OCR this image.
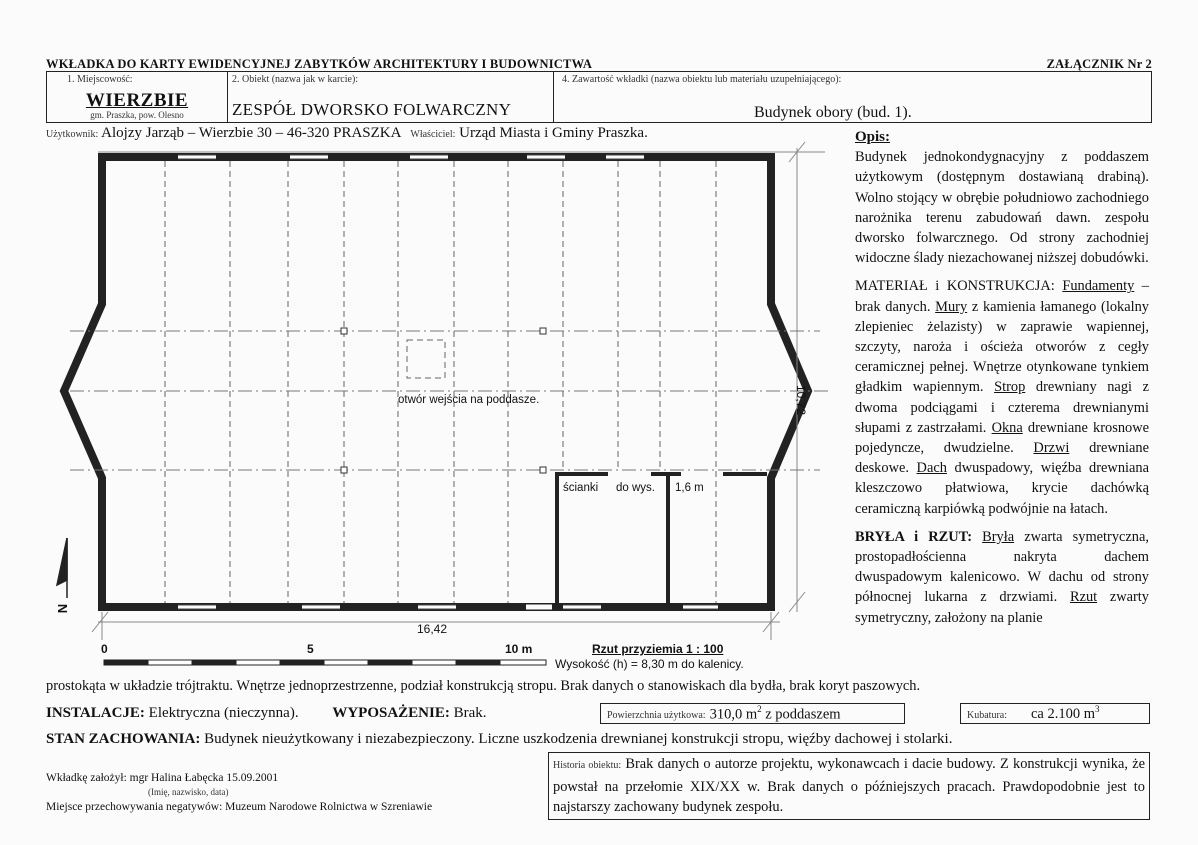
WKŁADKA DO KARTY EWIDENCYJNEJ ZABYTKÓW ARCHITEKTURY I BUDOWNICTWA	ZAŁĄCZNIK Nr 2
1. Miejscowość:
WIERZBIE
gm. Praszka, pow. Olesno
2. Obiekt (nazwa jak w karcie):
ZESPÓŁ DWORSKO FOLWARCZNY
4. Zawartość wkładki (nazwa obiektu lub materiału uzupełniającego):
Budynek obory (bud. 1).
Użytkownik: Alojzy Jarząb – Wierzbie 30 – 46-320 PRASZKA Właściciel: Urząd Miasta i Gminy Praszka.
otwór wejścia na poddasze.
ścianki do wys. 1,6 m
16,42
10,72
N
0	5	10 m	Rzut przyziemia 1 : 100
Wysokość (h) = 8,30 m do kalenicy.

Opis:

Budynek jednokondygnacyjny z poddaszem użytkowym (dostępnym dostawianą drabiną). Wolno stojący w obrębie południowo zachodniego narożnika terenu zabudowań dawn. zespołu dworsko folwarcznego. Od strony zachodniej widoczne ślady niezachowanej niższej dobudówki.

MATERIAŁ i KONSTRUKCJA: Fundamenty – brak danych. Mury z kamienia łamanego (lokalny zlepieniec żelazisty) w zaprawie wapiennej, szczyty, naroża i ościeża otworów z cegły ceramicznej pełnej. Wnętrze otynkowane tynkiem gładkim wapiennym. Strop drewniany nagi z dwoma podciągami i czterema drewnianymi słupami z zastrzałami. Okna drewniane krosnowe pojedyncze, dwudzielne. Drzwi drewniane deskowe. Dach dwuspadowy, więźba drewniana kleszczowo płatwiowa, krycie dachówką ceramiczną karpiówką podwójnie na łatach.

BRYŁA i RZUT: Bryła zwarta symetryczna, prostopadłościenna nakryta dachem dwuspadowym kalenicowo. W dachu od strony północnej lukarna z drzwiami. Rzut zwarty symetryczny, założony na planie

prostokąta w układzie trójtraktu. Wnętrze jednoprzestrzenne, podział konstrukcją stropu. Brak danych o stanowiskach dla bydła, brak koryt paszowych.
INSTALACJE: Elektryczna (nieczynna). WYPOSAŻENIE: Brak.	Powierzchnia użytkowa: 310,0 $m^2$ z poddaszem	Kubatura: ca 2.100 $m^3$
STAN ZACHOWANIA: Budynek nieużytkowany i niezabezpieczony. Liczne uszkodzenia drewnianej konstrukcji stropu, więźby dachowej i stolarki.
Wkładkę założył: mgr Halina Łabęcka 15.09.2001
(Imię, nazwisko, data)
Miejsce przechowywania negatywów: Muzeum Narodowe Rolnictwa w Szreniawie
Historia obiektu: Brak danych o autorze projektu, wykonawcach i dacie budowy. Z konstrukcji wynika, że powstał na przełomie XIX/XX w. Brak danych o późniejszych pracach. Prawdopodobnie jest to najstarszy zachowany budynek zespołu.
